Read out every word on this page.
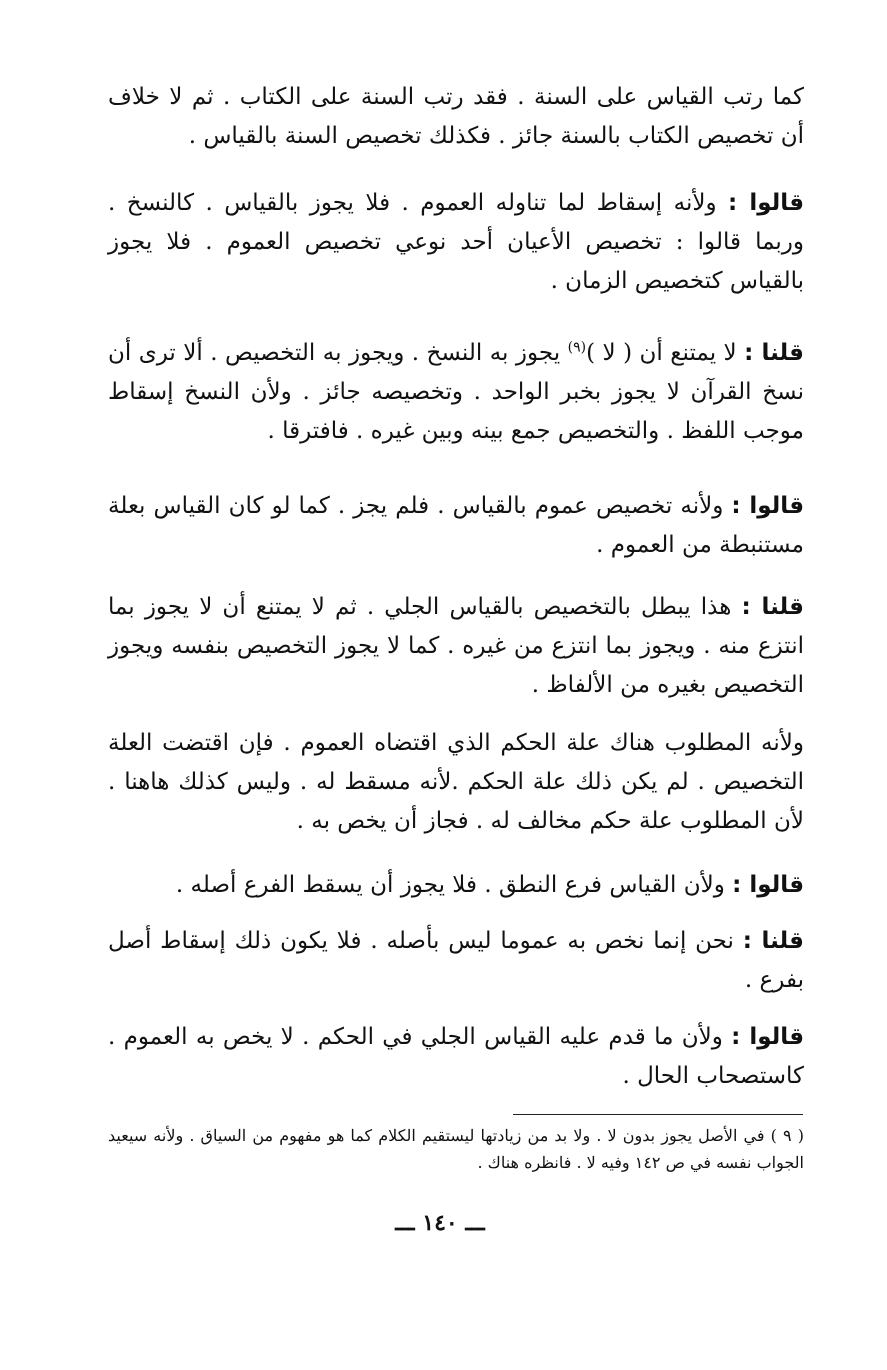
كما رتب القياس على السنة . فقد رتب السنة على الكتاب . ثم لا خلاف أن تخصيص الكتاب بالسنة جائز . فكذلك تخصيص السنة بالقياس .
قالوا : ولأنه إسقاط لما تناوله العموم . فلا يجوز بالقياس . كالنسخ . وربما قالوا : تخصيص الأعيان أحد نوعي تخصيص العموم . فلا يجوز بالقياس كتخصيص الزمان .
قلنا : لا يمتنع أن ( لا )$^{(٩)}$ يجوز به النسخ . ويجوز به التخصيص . ألا ترى أن نسخ القرآن لا يجوز بخبر الواحد . وتخصيصه جائز . ولأن النسخ إسقاط موجب اللفظ . والتخصيص جمع بينه وبين غيره . فافترقا .
قالوا : ولأنه تخصيص عموم بالقياس . فلم يجز . كما لو كان القياس بعلة مستنبطة من العموم .
قلنا : هذا يبطل بالتخصيص بالقياس الجلي . ثم لا يمتنع أن لا يجوز بما انتزع منه . ويجوز بما انتزع من غيره . كما لا يجوز التخصيص بنفسه ويجوز التخصيص بغيره من الألفاظ .
ولأنه المطلوب هناك علة الحكم الذي اقتضاه العموم . فإن اقتضت العلة التخصيص . لم يكن ذلك علة الحكم .لأنه مسقط له . وليس كذلك هاهنا . لأن المطلوب علة حكم مخالف له . فجاز أن يخص به .
قالوا : ولأن القياس فرع النطق . فلا يجوز أن يسقط الفرع أصله .
قلنا : نحن إنما نخص به عموما ليس بأصله . فلا يكون ذلك إسقاط أصل بفرع .
قالوا : ولأن ما قدم عليه القياس الجلي في الحكم . لا يخص به العموم . كاستصحاب الحال .
( ٩ ) في الأصل يجوز بدون لا . ولا بد من زيادتها ليستقيم الكلام كما هو مفهوم من السياق . ولأنه سيعيد الجواب نفسه في ص ١٤٢ وفيه لا . فانظره هناك .
ـــ ١٤٠ ـــ
